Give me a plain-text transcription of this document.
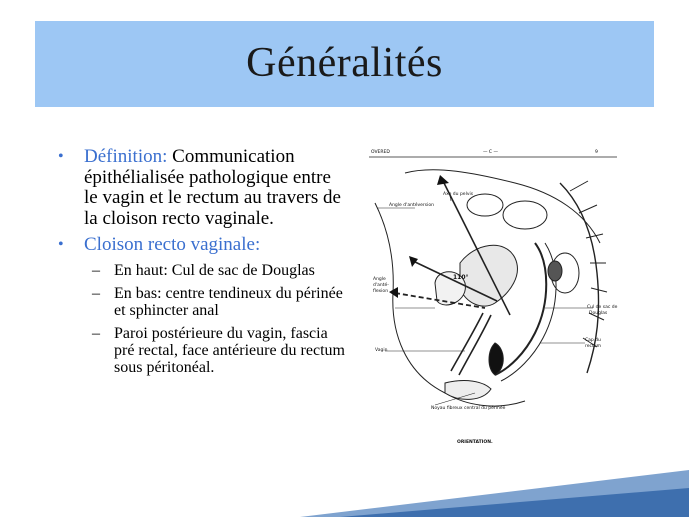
Généralités
• Définition: Communication épithélialisée pathologique entre le vagin et le rectum au travers de la cloison recto vaginale.
• Cloison recto vaginale:
– En haut: Cul de sac de Douglas
– En bas: centre tendineux du périnée et sphincter anal
– Paroi postérieure du vagin, fascia pré rectal, face antérieure du rectum sous péritonéal.
OVERED	— C —	9
Axe du pelvis
Angle d'antéversion
Angle
d'anté-
flexion
Cul de sac de
Douglas
Cap du
rectum
Vagin
Noyau fibreux central du périnée
110°
ORIENTATION.
